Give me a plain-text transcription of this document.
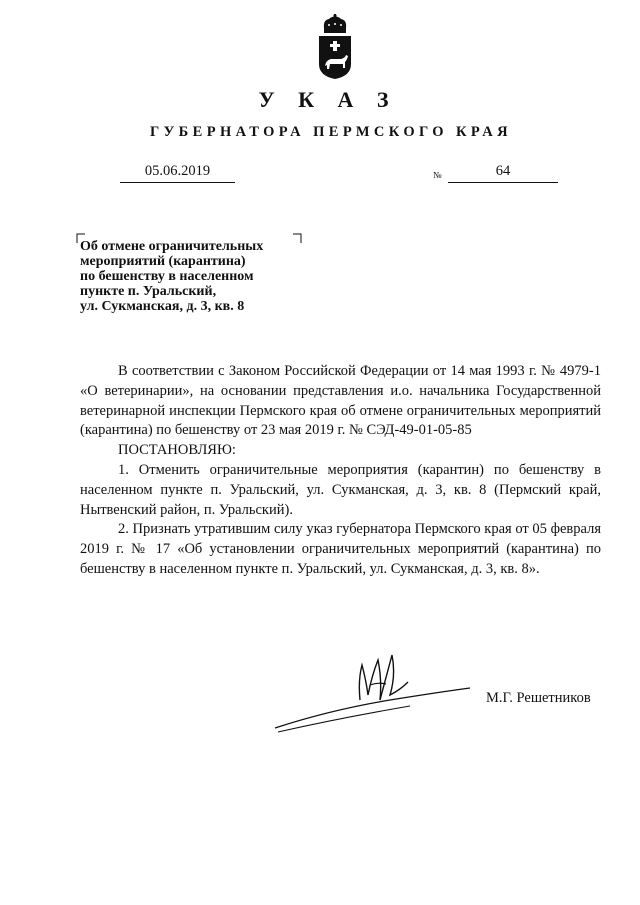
У К А З
ГУБЕРНАТОРА ПЕРМСКОГО КРАЯ
05.06.2019	№	64
Об отмене ограничительных
мероприятий (карантина)
по бешенству в населенном
пункте п. Уральский,
ул. Сукманская, д. 3, кв. 8

В соответствии с Законом Российской Федерации от 14 мая 1993 г. № 4979-1 «О ветеринарии», на основании представления и.о. начальника Государственной ветеринарной инспекции Пермского края об отмене ограничительных мероприятий (карантина) по бешенству от 23 мая 2019 г. № СЭД-49-01-05-85

ПОСТАНОВЛЯЮ:

1. Отменить ограничительные мероприятия (карантин) по бешенству в населенном пункте п. Уральский, ул. Сукманская, д. 3, кв. 8 (Пермский край, Нытвенский район, п. Уральский).

2. Признать утратившим силу указ губернатора Пермского края от 05 февраля 2019 г. № 17 «Об установлении ограничительных мероприятий (карантина) по бешенству в населенном пункте п. Уральский, ул. Сукманская, д. 3, кв. 8».

М.Г. Решетников
